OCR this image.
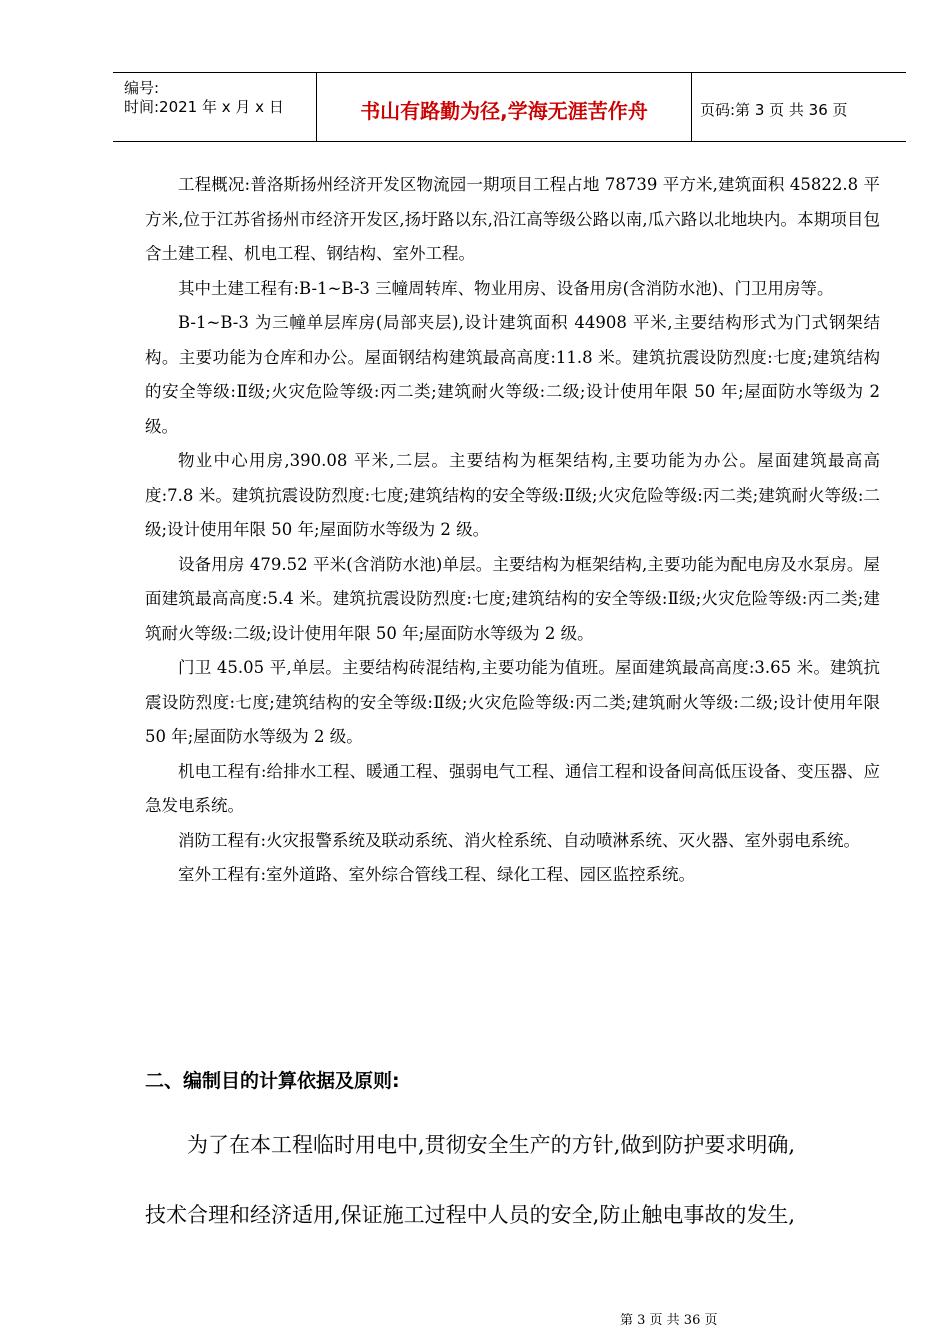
编号:
时间:2021 年 x 月 x 日	书山有路勤为径,学海无涯苦作舟	页码:第 3 页 共 36 页

工程概况:普洛斯扬州经济开发区物流园一期项目工程占地 78739 平方米,建筑面积 45822.8 平方米,位于江苏省扬州市经济开发区,扬圩路以东,沿江高等级公路以南,瓜六路以北地块内。本期项目包含土建工程、机电工程、钢结构、室外工程。

其中土建工程有:B-1~B-3 三幢周转库、物业用房、设备用房(含消防水池)、门卫用房等。

B-1~B-3 为三幢单层库房(局部夹层),设计建筑面积 44908 平米,主要结构形式为门式钢架结构。主要功能为仓库和办公。屋面钢结构建筑最高高度:11.8 米。建筑抗震设防烈度:七度;建筑结构的安全等级:Ⅱ级;火灾危险等级:丙二类;建筑耐火等级:二级;设计使用年限 50 年;屋面防水等级为 2 级。

物业中心用房,390.08 平米,二层。主要结构为框架结构,主要功能为办公。屋面建筑最高高度:7.8 米。建筑抗震设防烈度:七度;建筑结构的安全等级:Ⅱ级;火灾危险等级:丙二类;建筑耐火等级:二级;设计使用年限 50 年;屋面防水等级为 2 级。

设备用房 479.52 平米(含消防水池)单层。主要结构为框架结构,主要功能为配电房及水泵房。屋面建筑最高高度:5.4 米。建筑抗震设防烈度:七度;建筑结构的安全等级:Ⅱ级;火灾危险等级:丙二类;建筑耐火等级:二级;设计使用年限 50 年;屋面防水等级为 2 级。

门卫 45.05 平,单层。主要结构砖混结构,主要功能为值班。屋面建筑最高高度:3.65 米。建筑抗震设防烈度:七度;建筑结构的安全等级:Ⅱ级;火灾危险等级:丙二类;建筑耐火等级:二级;设计使用年限 50 年;屋面防水等级为 2 级。

机电工程有:给排水工程、暖通工程、强弱电气工程、通信工程和设备间高低压设备、变压器、应急发电系统。

消防工程有:火灾报警系统及联动系统、消火栓系统、自动喷淋系统、灭火器、室外弱电系统。

室外工程有:室外道路、室外综合管线工程、绿化工程、园区监控系统。

二、编制目的计算依据及原则:
为了在本工程临时用电中,贯彻安全生产的方针,做到防护要求明确,
技术合理和经济适用,保证施工过程中人员的安全,防止触电事故的发生,
第 3 页 共 36 页
